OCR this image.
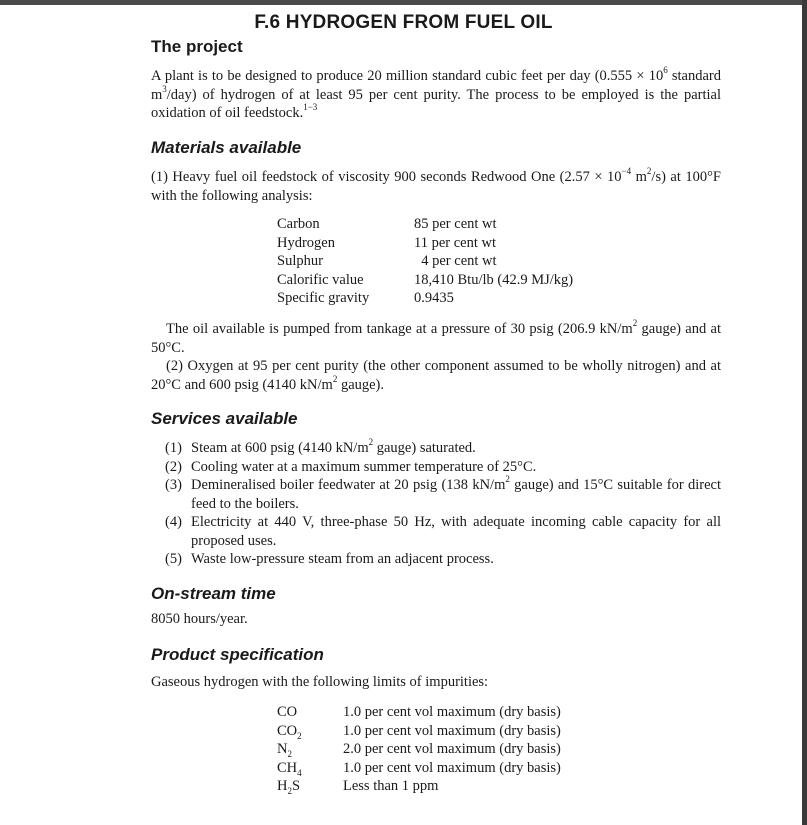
F.6 HYDROGEN FROM FUEL OIL
The project
A plant is to be designed to produce 20 million standard cubic feet per day ($0.555 \times 10^6$ standard $m^3/day$) of hydrogen of at least 95 per cent purity. The process to be employed is the partial oxidation of oil feedstock.$^{1-3}$
Materials available
(1) Heavy fuel oil feedstock of viscosity 900 seconds Redwood One ($2.57 \times 10^{-4}$ $m^2/s$) at 100°F with the following analysis:
Carbon	85 per cent wt
Hydrogen	11 per cent wt
Sulphur	 4 per cent wt
Calorific value	18,410 Btu/lb (42.9 MJ/kg)
Specific gravity	0.9435
The oil available is pumped from tankage at a pressure of 30 psig (206.9 $kN/m^2$ gauge) and at 50°C.
(2) Oxygen at 95 per cent purity (the other component assumed to be wholly nitrogen) and at 20°C and 600 psig (4140 $kN/m^2$ gauge).
Services available
(1) Steam at 600 psig (4140 $kN/m^2$ gauge) saturated.
(2) Cooling water at a maximum summer temperature of 25°C.
(3) Demineralised boiler feedwater at 20 psig (138 $kN/m^2$ gauge) and 15°C suitable for direct feed to the boilers.
(4) Electricity at 440 V, three-phase 50 Hz, with adequate incoming cable capacity for all proposed uses.
(5) Waste low-pressure steam from an adjacent process.
On-stream time
8050 hours/year.
Product specification
Gaseous hydrogen with the following limits of impurities:
CO	1.0 per cent vol maximum (dry basis)
$CO_2$	1.0 per cent vol maximum (dry basis)
$N_2$	2.0 per cent vol maximum (dry basis)
$CH_4$	1.0 per cent vol maximum (dry basis)
$H_2S$	Less than 1 ppm
